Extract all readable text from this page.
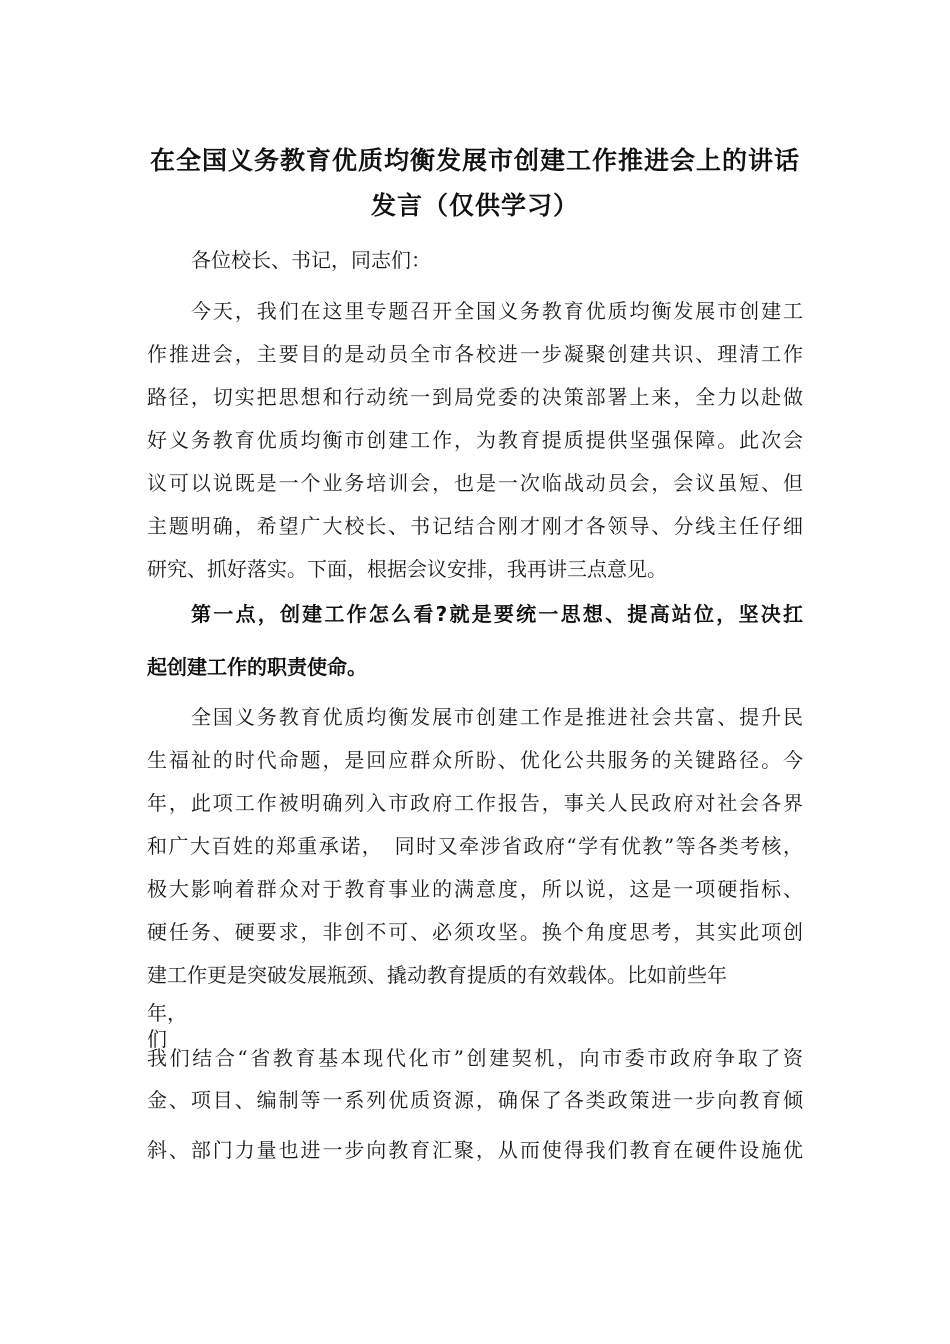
在全国义务教育优质均衡发展市创建工作推进会上的讲话
发言（仅供学习）
各位校长、书记，同志们：
今天，我们在这里专题召开全国义务教育优质均衡发展市创建工
作推进会，主要目的是动员全市各校进一步凝聚创建共识、理清工作
路径，切实把思想和行动统一到局党委的决策部署上来，全力以赴做
好义务教育优质均衡市创建工作，为教育提质提供坚强保障。此次会
议可以说既是一个业务培训会，也是一次临战动员会，会议虽短、但
主题明确，希望广大校长、书记结合刚才刚才各领导、分线主任仔细
研究、抓好落实。下面，根据会议安排，我再讲三点意见。
第一点，创建工作怎么看?就是要统一思想、提高站位，坚决扛
起创建工作的职责使命。
全国义务教育优质均衡发展市创建工作是推进社会共富、提升民
生福祉的时代命题，是回应群众所盼、优化公共服务的关键路径。今
年，此项工作被明确列入市政府工作报告，事关人民政府对社会各界
和广大百姓的郑重承诺，　同时又牵涉省政府“学有优教”等各类考核，
极大影响着群众对于教育事业的满意度，所以说，这是一项硬指标、
硬任务、硬要求，非创不可、必须攻坚。换个角度思考，其实此项创
建工作更是突破发展瓶颈、撬动教育提质的有效载体。比如前些年
年，们
我们结合“省教育基本现代化市”创建契机，向市委市政府争取了资
金、项目、编制等一系列优质资源，确保了各类政策进一步向教育倾
斜、部门力量也进一步向教育汇聚，从而使得我们教育在硬件设施优
